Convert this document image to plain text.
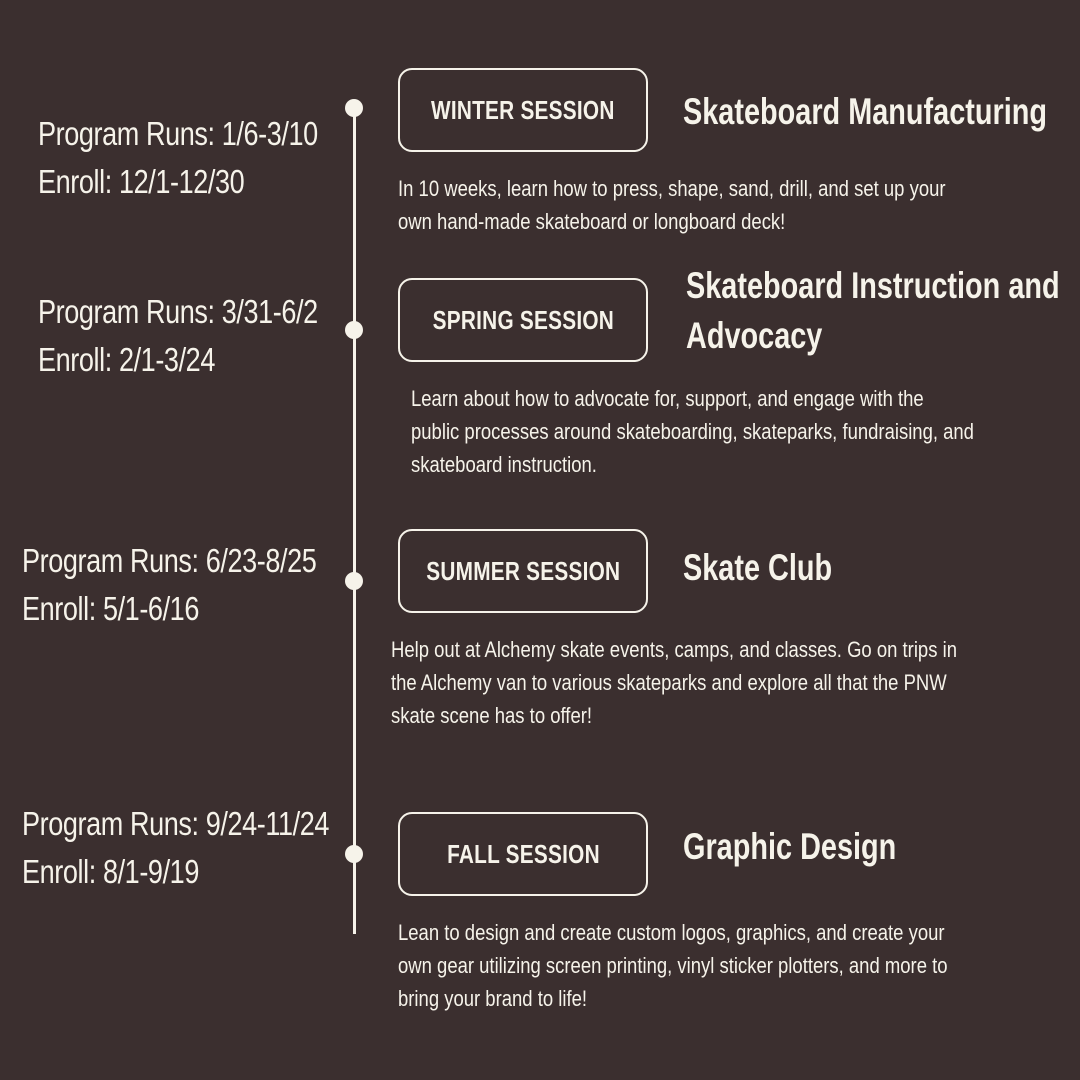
Program Runs: 1/6-3/10
Enroll: 12/1-12/30
WINTER SESSION Skateboard Manufacturing
In 10 weeks, learn how to press, shape, sand, drill, and set up your
own hand-made skateboard or longboard deck!
Program Runs: 3/31-6/2
Enroll: 2/1-3/24
SPRING SESSION
Skateboard Instruction and
Advocacy
Learn about how to advocate for, support, and engage with the
public processes around skateboarding, skateparks, fundraising, and
skateboard instruction.
Program Runs: 6/23-8/25
Enroll: 5/1-6/16
SUMMER SESSION Skate Club
Help out at Alchemy skate events, camps, and classes. Go on trips in
the Alchemy van to various skateparks and explore all that the PNW
skate scene has to offer!
Program Runs: 9/24-11/24
Enroll: 8/1-9/19	FALL SESSION Graphic Design
Lean to design and create custom logos, graphics, and create your
own gear utilizing screen printing, vinyl sticker plotters, and more to
bring your brand to life!
